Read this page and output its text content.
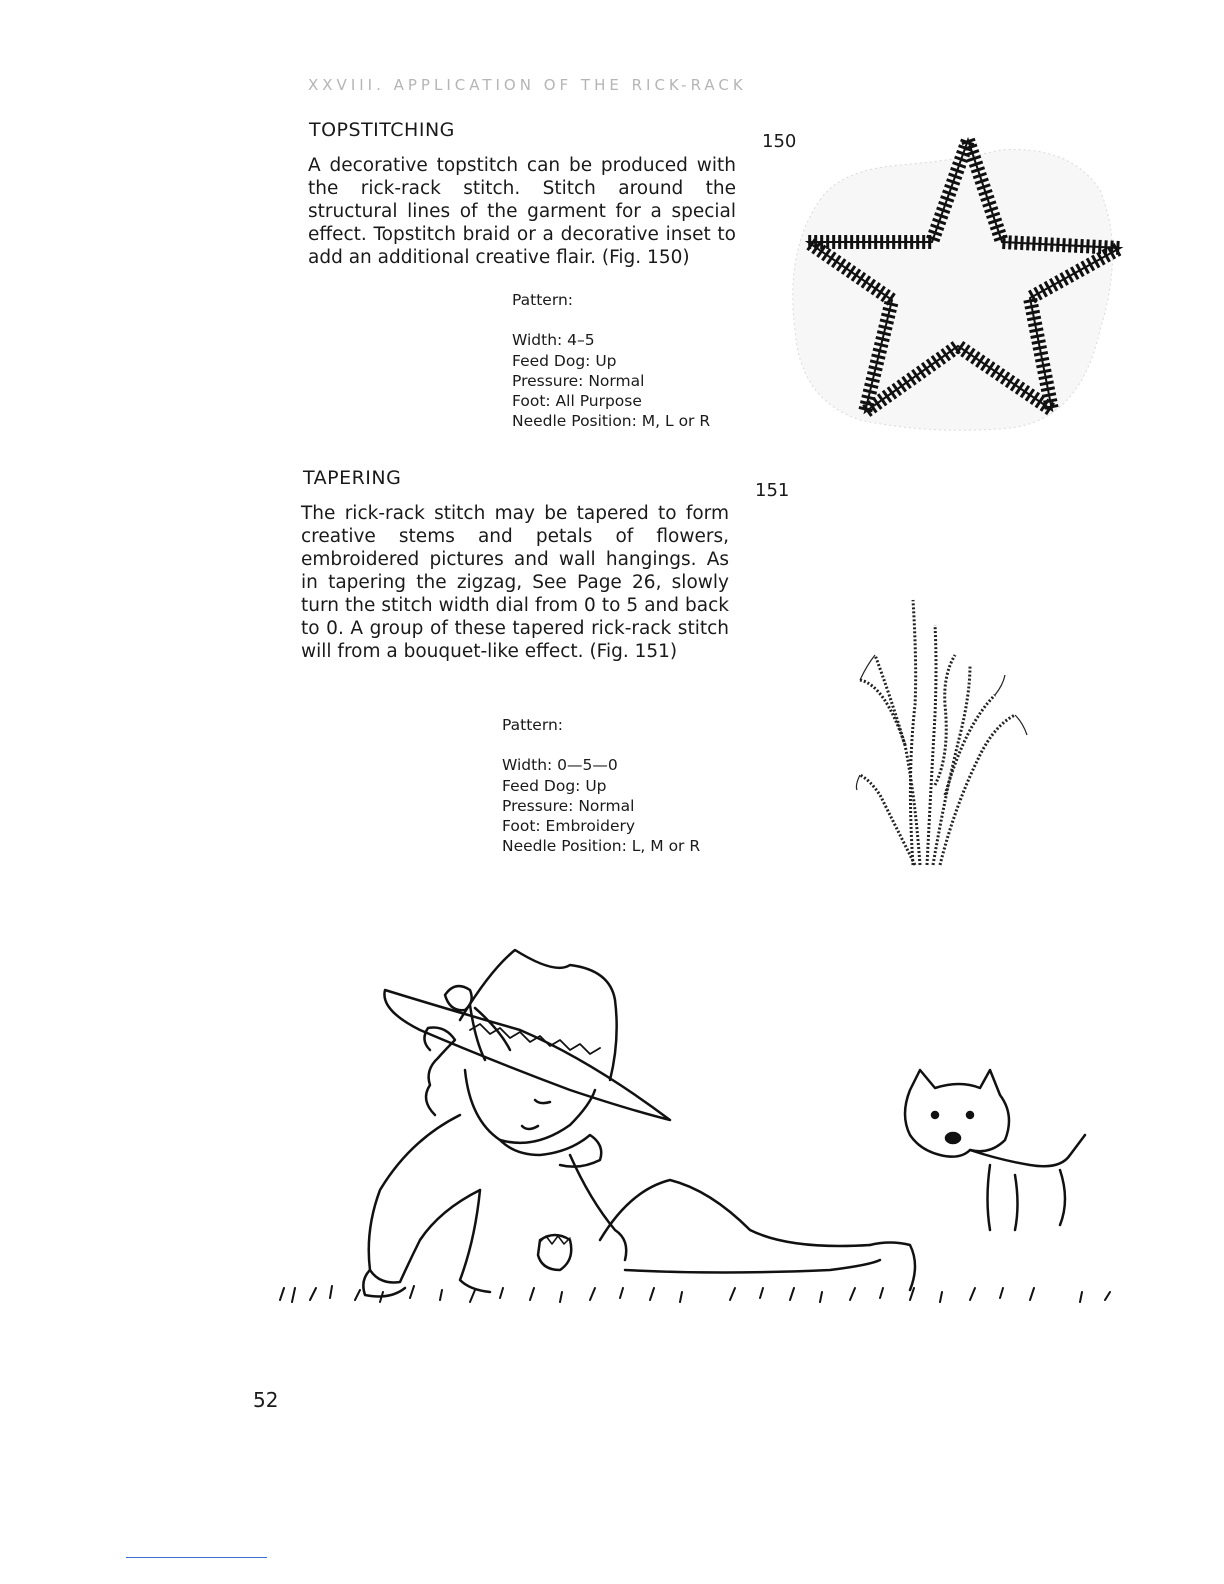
XXVIII. APPLICATION OF THE RICK-RACK
TOPSTITCHING
A decorative topstitch can be produced with the rick-rack stitch. Stitch around the structural lines of the garment for a special effect. Topstitch braid or a decorative inset to add an additional creative flair. (Fig. 150)
Pattern:
Width: 4–5
Feed Dog: Up
Pressure: Normal
Foot: All Purpose
Needle Position: M, L or R
150
TAPERING
The rick-rack stitch may be tapered to form creative stems and petals of flowers, embroidered pictures and wall hangings. As in tapering the zigzag, See Page 26, slowly turn the stitch width dial from 0 to 5 and back to 0. A group of these tapered rick-rack stitch will from a bouquet-like effect. (Fig. 151)
Pattern:
Width: 0—5—0
Feed Dog: Up
Pressure: Normal
Foot: Embroidery
Needle Position: L, M or R
151
52
